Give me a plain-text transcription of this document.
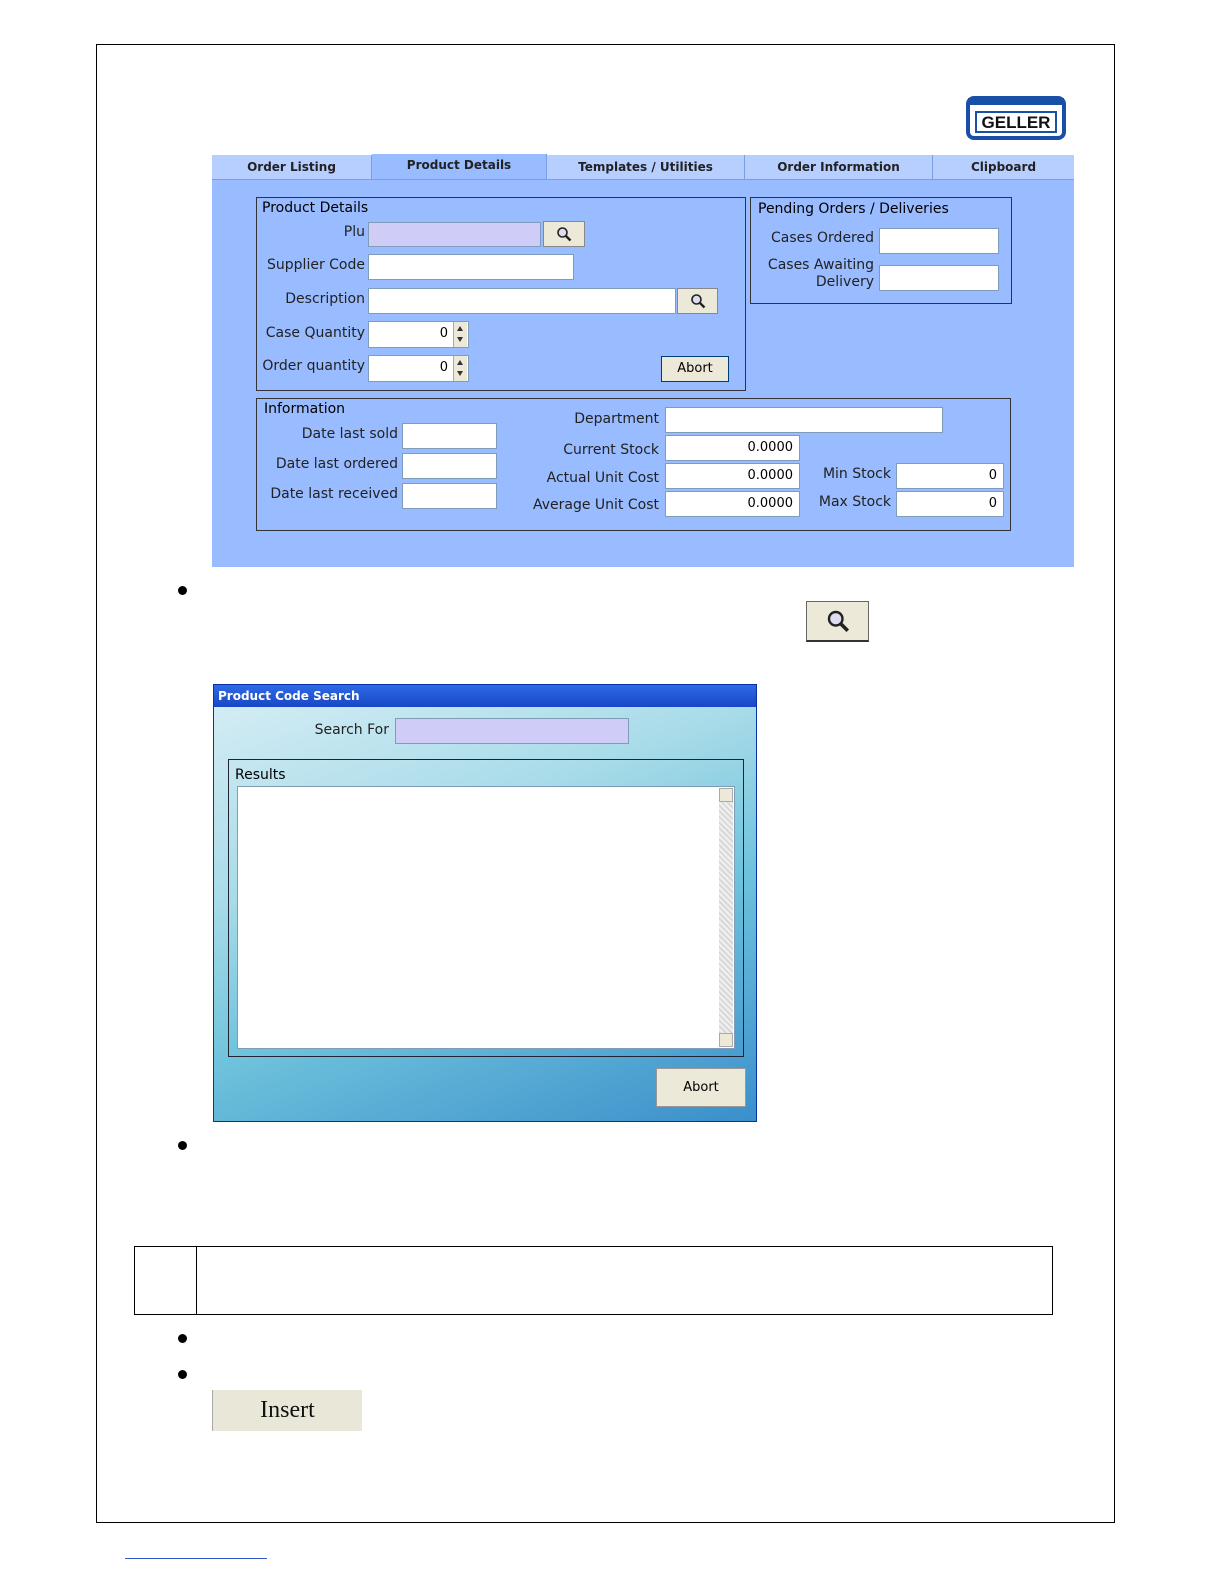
GELLER
Order Listing	Product Details	Templates / Utilities	Order Information	Clipboard
Product Details
Plu
Supplier Code
Description
Case Quantity	0
Order quantity	0	Abort
Pending Orders / Deliveries
Cases Ordered
Cases Awaiting
Delivery
Information
Date last sold
Date last ordered
Date last received
Department
Current Stock	0.0000
Actual Unit Cost	0.0000
Average Unit Cost	0.0000
Min Stock	0
Max Stock	0
Product Code Search
Search For
Results
Abort
Insert
